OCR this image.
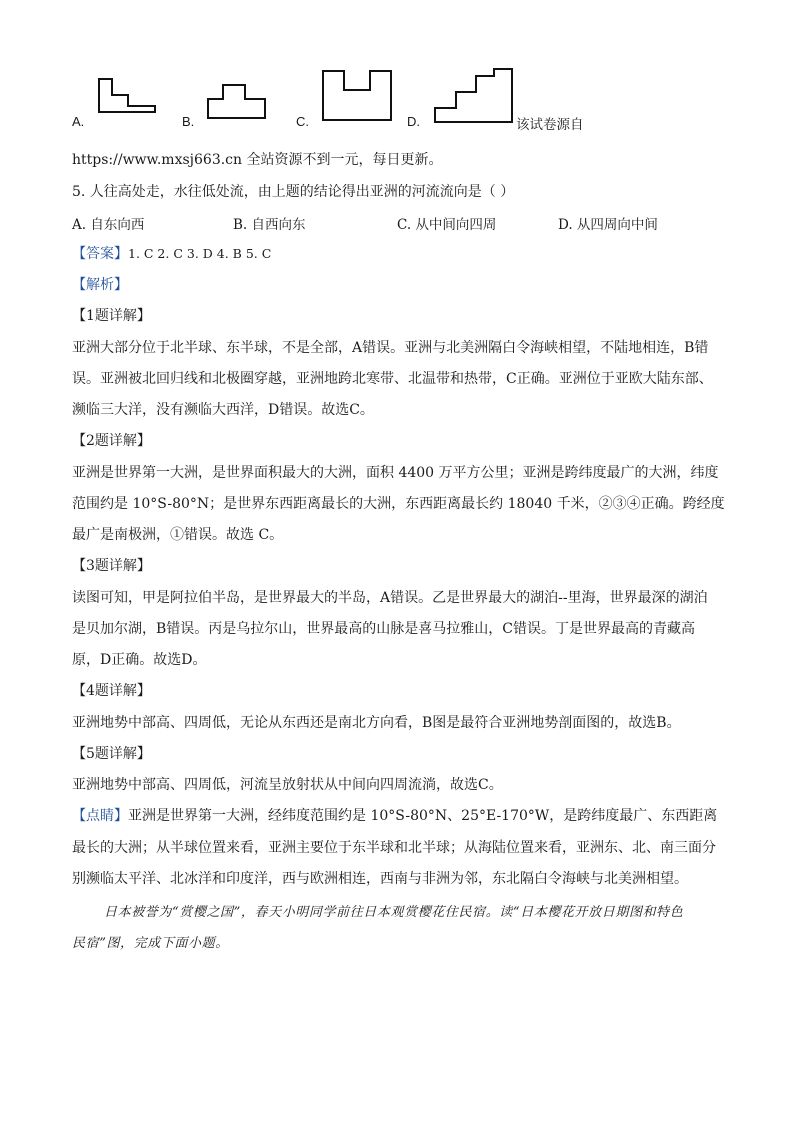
A.	B.	C.	D.	该试卷源自
https://www.mxsj663.cn 全站资源不到一元，每日更新。
5. 人往高处走，水往低处流，由上题的结论得出亚洲的河流流向是（ ）
A. 自东向西	B. 自西向东	C. 从中间向四周	D. 从四周向中间
【答案】1. C 2. C 3. D 4. B 5. C
【解析】
【1题详解】
亚洲大部分位于北半球、东半球，不是全部，A错误。亚洲与北美洲隔白令海峡相望，不陆地相连，B错
误。亚洲被北回归线和北极圈穿越，亚洲地跨北寒带、北温带和热带，C正确。亚洲位于亚欧大陆东部、
濒临三大洋，没有濒临大西洋，D错误。故选C。
【2题详解】
亚洲是世界第一大洲，是世界面积最大的大洲，面积 4400 万平方公里；亚洲是跨纬度最广的大洲，纬度
范围约是 10°S-80°N；是世界东西距离最长的大洲，东西距离最长约 18040 千米，②③④正确。跨经度
最广是南极洲，①错误。故选 C。
【3题详解】
读图可知，甲是阿拉伯半岛，是世界最大的半岛，A错误。乙是世界最大的湖泊--里海，世界最深的湖泊
是贝加尔湖，B错误。丙是乌拉尔山，世界最高的山脉是喜马拉雅山，C错误。丁是世界最高的青藏高
原，D正确。故选D。
【4题详解】
亚洲地势中部高、四周低，无论从东西还是南北方向看，B图是最符合亚洲地势剖面图的，故选B。
【5题详解】
亚洲地势中部高、四周低，河流呈放射状从中间向四周流淌，故选C。
【点睛】亚洲是世界第一大洲，经纬度范围约是 10°S-80°N、25°E-170°W，是跨纬度最广、东西距离
最长的大洲；从半球位置来看，亚洲主要位于东半球和北半球；从海陆位置来看，亚洲东、北、南三面分
别濒临太平洋、北冰洋和印度洋，西与欧洲相连，西南与非洲为邻，东北隔白令海峡与北美洲相望。
日本被誉为“赏樱之国”，春天小明同学前往日本观赏樱花住民宿。读“日本樱花开放日期图和特色
民宿”图，完成下面小题。
